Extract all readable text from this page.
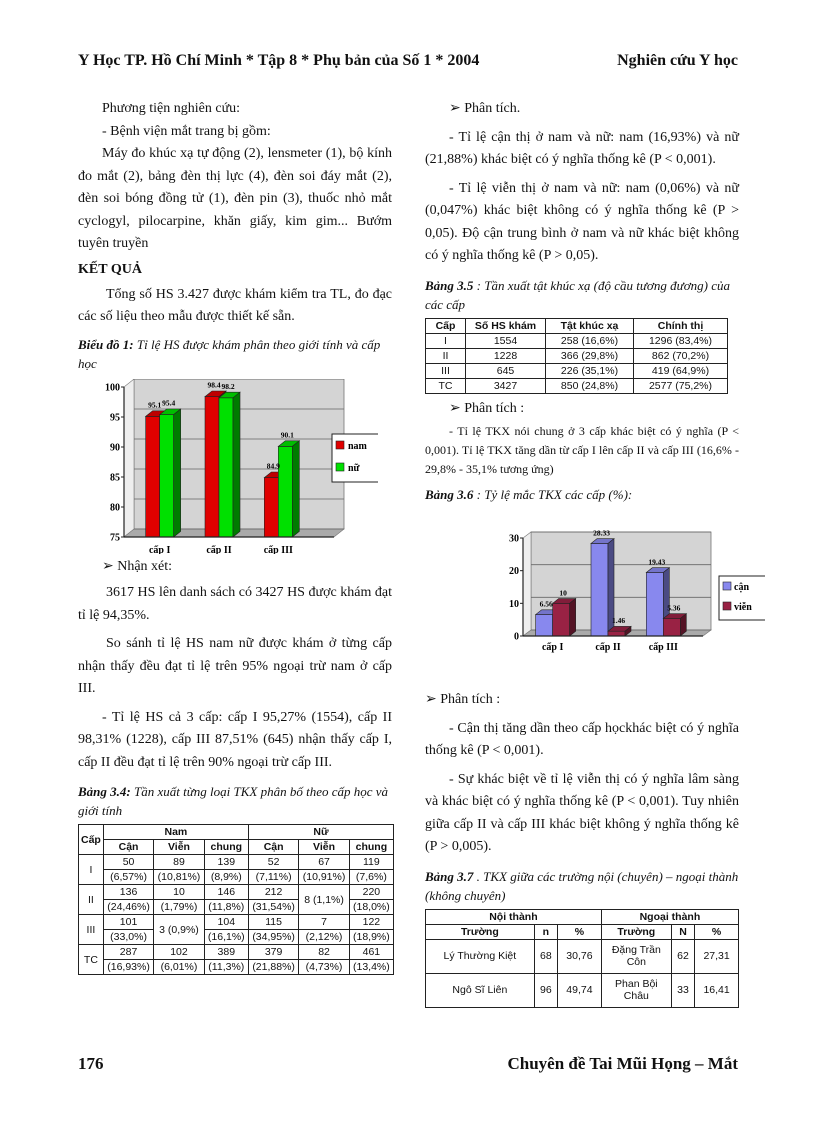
Y Học TP. Hồ Chí Minh * Tập 8 * Phụ bản của Số 1 * 2004	Nghiên cứu Y học

Phương tiện nghiên cứu:

- Bệnh viện mắt trang bị gồm:

Máy đo khúc xạ tự động (2), lensmeter (1), bộ kính đo mắt (2), bảng đèn thị lực (4), đèn soi đáy mắt (2), đèn soi bóng đồng tử (1), đèn pin (3), thuốc nhỏ mắt cyclogyl, pilocarpine, khăn giấy, kim gim... Bướm tuyên truyền

KẾT QUẢ

Tổng số HS 3.427 được khám kiểm tra TL, đo đạc các số liệu theo mẫu được thiết kế sẵn.

Biểu đồ 1: Tỉ lệ HS được khám phân theo giới tính và cấp học
95.1 95.4
98.4 98.2
84.9
90.1
75
80
85
90
95
100
cấp I	cấp II	cấp III
nam
nữ
➢ Nhận xét:

3617 HS lên danh sách có 3427 HS được khám đạt tỉ lệ 94,35%.

So sánh tỉ lệ HS nam nữ được khám ở từng cấp nhận thấy đều đạt tỉ lệ trên 95% ngoại trừ nam ở cấp III.

- Tỉ lệ HS cả 3 cấp: cấp I 95,27% (1554), cấp II 98,31% (1228), cấp III 87,51% (645) nhận thấy cấp I, cấp II đều đạt tỉ lệ trên 90% ngoại trừ cấp III.

Bảng 3.4: Tần xuất từng loại TKX phân bố theo cấp học và giới tính
Cấp	Nam			Nữ		
	Cận	Viễn	chung	Cận	Viễn	chung
I	50	89	139	52	67	119
	(6,57%)	(10,81%)	(8,9%)	(7,11%)	(10,91%)	(7,6%)
II	136	10	146	212	8 (1,1%)	220
	(24,46%)	(1,79%)	(11,8%)	(31,54%)		(18,0%)
III	101	3 (0,9%)	104	115	7	122
	(33,0%)		(16,1%)	(34,95%)	(2,12%)	(18,9%)
TC	287	102	389	379	82	461
	(16,93%)	(6,01%)	(11,3%)	(21,88%)	(4,73%)	(13,4%)
➢ Phân tích.

- Tỉ lệ cận thị ở nam và nữ: nam (16,93%) và nữ (21,88%) khác biệt có ý nghĩa thống kê (P < 0,001).

- Tỉ lệ viễn thị ở nam và nữ: nam (0,06%) và nữ (0,047%) khác biệt không có ý nghĩa thống kê (P > 0,05). Độ cận trung bình ở nam và nữ khác biệt không có ý nghĩa thống kê (P > 0,05).

Bảng 3.5 : Tần xuất tật khúc xạ (độ cầu tương đương) của các cấp
Cấp	Số HS khám	Tật khúc xạ	Chính thị
I	1554	258 (16,6%)	1296 (83,4%)
II	1228	366 (29,8%)	862 (70,2%)
III	645	226 (35,1%)	419 (64,9%)
TC	3427	850 (24,8%)	2577 (75,2%)
➢ Phân tích :

- Tỉ lệ TKX nói chung ở 3 cấp khác biệt có ý nghĩa (P < 0,001). Tỉ lệ TKX tăng dần từ cấp I lên cấp II và cấp III (16,6% - 29,8% - 35,1% tương ứng)

Bảng 3.6 : Tỷ lệ mắc TKX các cấp (%):
6.56
10
28.33
1.46
19.43
5.36
0
10
20
30
cấp I	cấp II	cấp III
cận
viễn
➢ Phân tích :

- Cận thị tăng dần theo cấp họckhác biệt có ý nghĩa thống kê (P < 0,001).

- Sự khác biệt về tỉ lệ viễn thị có ý nghĩa lâm sàng và khác biệt có ý nghĩa thống kê (P < 0,001). Tuy nhiên giữa cấp II và cấp III khác biệt không ý nghĩa thống kê (P > 0,005).

Bảng 3.7 . TKX giữa các trường nội (chuyên) – ngoại thành (không chuyên)
Nội thành			Ngoại thành		
Trường	n	%	Trường	N	%
Lý Thường Kiệt	68	30,76	Đặng Trần Côn	62	27,31
Ngô Sĩ Liên	96	49,74	Phan Bội Châu	33	16,41
176	Chuyên đề Tai Mũi Họng – Mắt
